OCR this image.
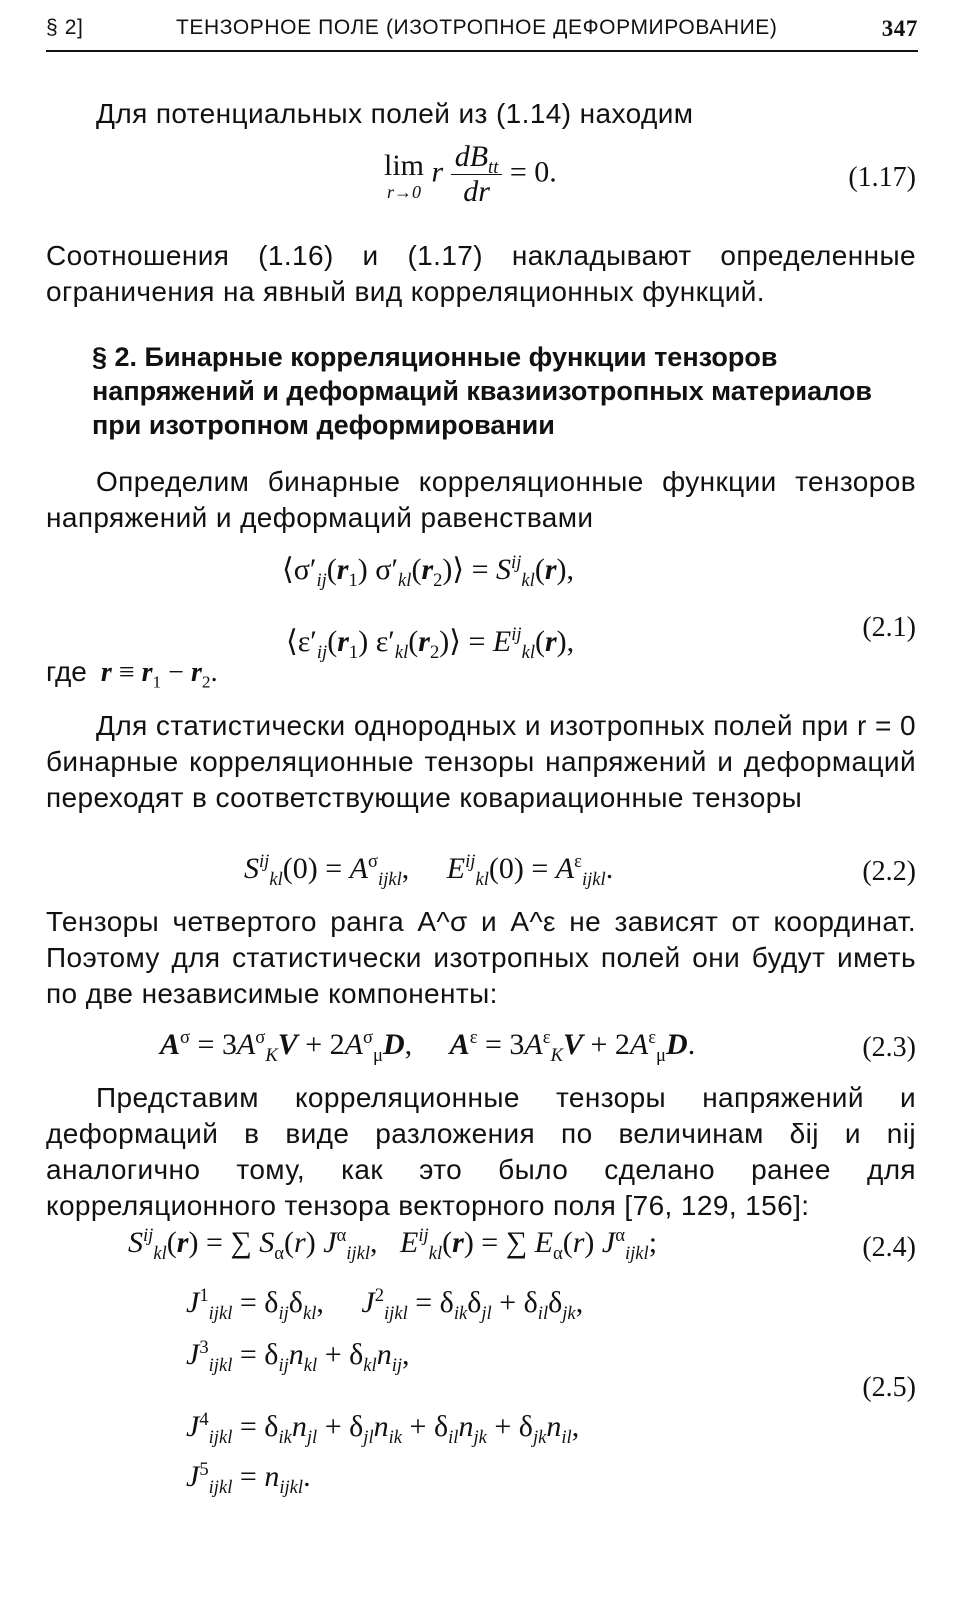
§ 2]	ТЕНЗОРНОЕ ПОЛЕ (ИЗОТРОПНОЕ ДЕФОРМИРОВАНИЕ)	347
Для потенциальных полей из (1.14) находим
lim
r→0
r $\frac{dB_{tt}}{dr} = 0$.	(1.17)
Соотношения (1.16) и (1.17) накладывают определенные ограничения на явный вид корреляционных функций.
§ 2. Бинарные корреляционные функции тензоров напряжений и деформаций квазиизотропных материалов при изотропном деформировании
Определим бинарные корреляционные функции тензоров напряжений и деформаций равенствами
$⟨\sigma'_{ij}(r_1)$ $\sigma'_{kl}(r_2)⟩ = S^{ij}_{kl}(r)$,
(2.1)
$⟨\varepsilon'_{ij}(r_1)$ $\varepsilon'_{kl}(r_2)⟩ = E^{ij}_{kl}(r)$,
где $r \equiv r_1 - r_2$.
Для статистически однородных и изотропных полей при r = 0 бинарные корреляционные тензоры напряжений и деформаций переходят в соответствующие ковариационные тензоры
$S^{ij}_{kl}(0) = A^\sigma_{ijkl}$,     $E^{ij}_{kl}(0) = A^\varepsilon_{ijkl}$.	(2.2)
Тензоры четвертого ранга A^σ и A^ε не зависят от координат. Поэтому для статистически изотропных полей они будут иметь по две независимые компоненты:
$A^\sigma = 3A^\sigma_KV + 2A^\sigma_\mu D$,     $A^\varepsilon = 3A^\varepsilon_KV + 2A^\varepsilon_\mu D$.	(2.3)
Представим корреляционные тензоры напряжений и деформаций в виде разложения по величинам δij и nij аналогично тому, как это было сделано ранее для корреляционного тензора векторного поля [76, 129, 156]:
$S^{ij}_{kl}(r)$ = ∑ $S_\alpha(r)$ $J^\alpha_{ijkl}$,   $E^{ij}_{kl}(r)$ = ∑ $E_\alpha(r)$ $J^\alpha_{ijkl}$;	(2.4)
$J^1_{ijkl} = \delta_{ij}\delta_{kl}$,     $J^2_{ijkl} = \delta_{ik}\delta_{jl} + \delta_{il}\delta_{jk}$,
$J^3_{ijkl} = \delta_{ij}n_{kl} + \delta_{kl}n_{ij}$,
(2.5)
$J^4_{ijkl} = \delta_{ik}n_{jl} + \delta_{jl}n_{ik} + \delta_{il}n_{jk} + \delta_{jk}n_{il}$,
$J^5_{ijkl} = n_{ijkl}$.
